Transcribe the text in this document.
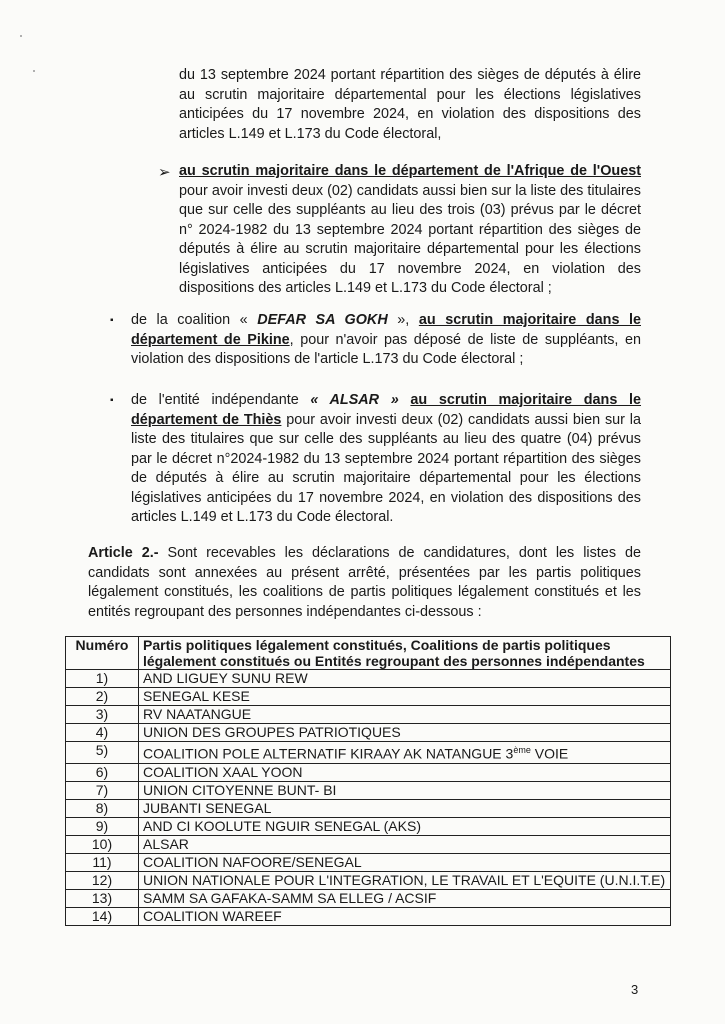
du 13 septembre 2024 portant répartition des sièges de députés à élire au scrutin majoritaire départemental pour les élections législatives anticipées du 17 novembre 2024, en violation des dispositions des articles L.149 et L.173 du Code électoral,

➢ au scrutin majoritaire dans le département de l'Afrique de l'Ouest pour avoir investi deux (02) candidats aussi bien sur la liste des titulaires que sur celle des suppléants au lieu des trois (03) prévus par le décret n° 2024-1982 du 13 septembre 2024 portant répartition des sièges de députés à élire au scrutin majoritaire départemental pour les élections législatives anticipées du 17 novembre 2024, en violation des dispositions des articles L.149 et L.173 du Code électoral ;

▪ de la coalition « DEFAR SA GOKH », au scrutin majoritaire dans le département de Pikine, pour n'avoir pas déposé de liste de suppléants, en violation des dispositions de l'article L.173 du Code électoral ;

▪ de l'entité indépendante « ALSAR » au scrutin majoritaire dans le département de Thiès pour avoir investi deux (02) candidats aussi bien sur la liste des titulaires que sur celle des suppléants au lieu des quatre (04) prévus par le décret n°2024-1982 du 13 septembre 2024 portant répartition des sièges de députés à élire au scrutin majoritaire départemental pour les élections législatives anticipées du 17 novembre 2024, en violation des dispositions des articles L.149 et L.173 du Code électoral.

Article 2.- Sont recevables les déclarations de candidatures, dont les listes de candidats sont annexées au présent arrêté, présentées par les partis politiques légalement constitués, les coalitions de partis politiques légalement constitués et les entités regroupant des personnes indépendantes ci-dessous :

Numéro	Partis politiques légalement constitués, Coalitions de partis politiques légalement constitués ou Entités regroupant des personnes indépendantes
1)	AND LIGUEY SUNU REW
2)	SENEGAL KESE
3)	RV NAATANGUE
4)	UNION DES GROUPES PATRIOTIQUES
5)	COALITION POLE ALTERNATIF KIRAAY AK NATANGUE 3ème VOIE
6)	COALITION XAAL YOON
7)	UNION CITOYENNE BUNT- BI
8)	JUBANTI SENEGAL
9)	AND CI KOOLUTE NGUIR SENEGAL (AKS)
10)	ALSAR
11)	COALITION NAFOORE/SENEGAL
12)	UNION NATIONALE POUR L'INTEGRATION, LE TRAVAIL ET L'EQUITE (U.N.I.T.E)
13)	SAMM SA GAFAKA-SAMM SA ELLEG / ACSIF
14)	COALITION WAREEF
3
